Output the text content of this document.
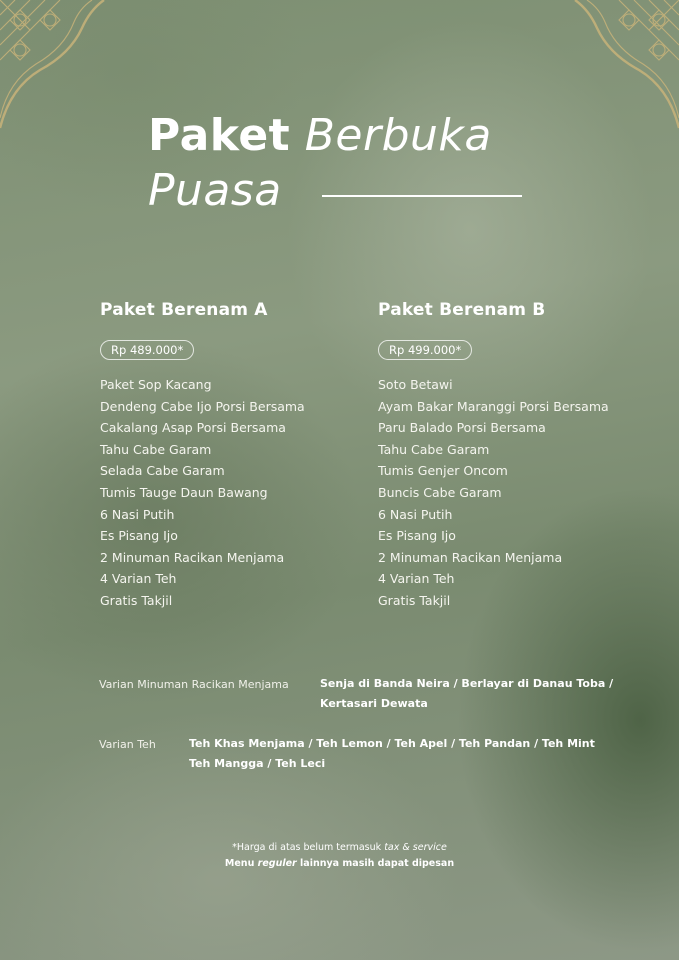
Paket Berbuka
Puasa
Paket Berenam A
Rp 489.000*
Paket Sop Kacang
Dendeng Cabe Ijo Porsi Bersama
Cakalang Asap Porsi Bersama
Tahu Cabe Garam
Selada Cabe Garam
Tumis Tauge Daun Bawang
6 Nasi Putih
Es Pisang Ijo
2 Minuman Racikan Menjama
4 Varian Teh
Gratis Takjil
Paket Berenam B
Rp 499.000*
Soto Betawi
Ayam Bakar Maranggi Porsi Bersama
Paru Balado Porsi Bersama
Tahu Cabe Garam
Tumis Genjer Oncom
Buncis Cabe Garam
6 Nasi Putih
Es Pisang Ijo
2 Minuman Racikan Menjama
4 Varian Teh
Gratis Takjil
Varian Minuman Racikan Menjama	Senja di Banda Neira / Berlayar di Danau Toba /
Kertasari Dewata
Varian Teh	Teh Khas Menjama / Teh Lemon / Teh Apel / Teh Pandan / Teh Mint
Teh Mangga / Teh Leci
*Harga di atas belum termasuk tax & service
Menu reguler lainnya masih dapat dipesan
